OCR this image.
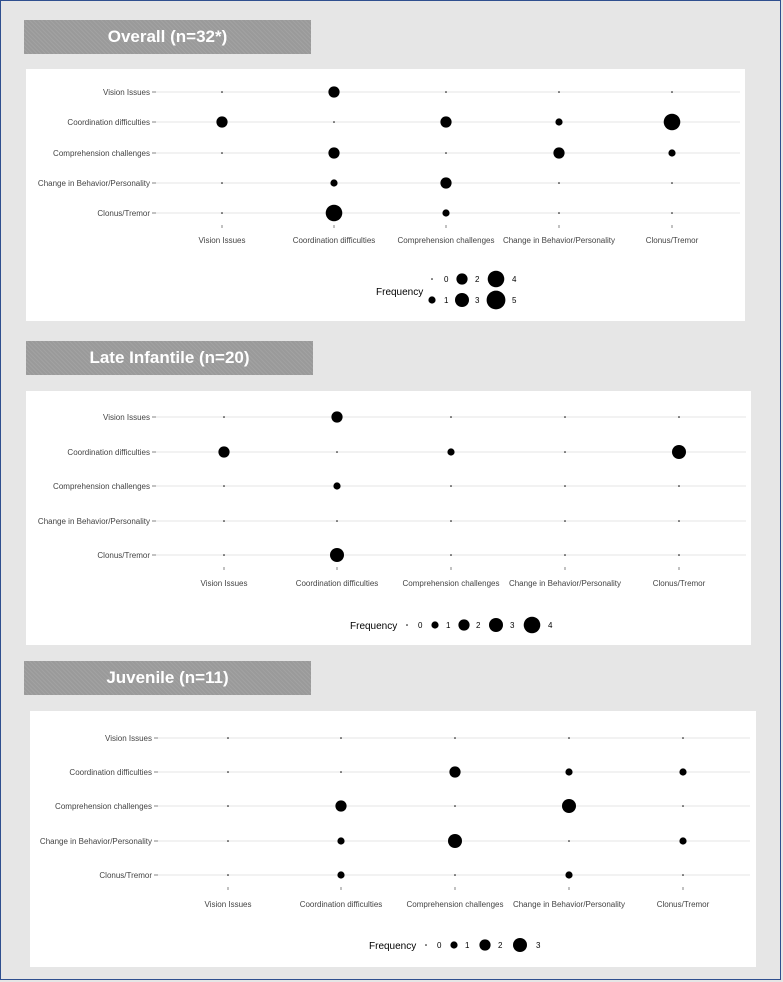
Overall (n=32*)
Vision Issues
Coordination difficulties
Comprehension challenges
Change in Behavior/Personality
Clonus/Tremor
Vision Issues	Coordination difficulties	Comprehension challenges Change in Behavior/Personality	Clonus/Tremor
Frequency
0	2	4
1	3	5
Late Infantile (n=20)
Vision Issues
Coordination difficulties
Comprehension challenges
Change in Behavior/Personality
Clonus/Tremor
Vision Issues	Coordination difficulties	Comprehension challenges Change in Behavior/Personality	Clonus/Tremor
Frequency	0	1	2	3	4
Juvenile (n=11)
Vision Issues
Coordination difficulties
Comprehension challenges
Change in Behavior/Personality
Clonus/Tremor
Vision Issues	Coordination difficulties	Comprehension challenges Change in Behavior/Personality	Clonus/Tremor
Frequency	0	1	2	3
